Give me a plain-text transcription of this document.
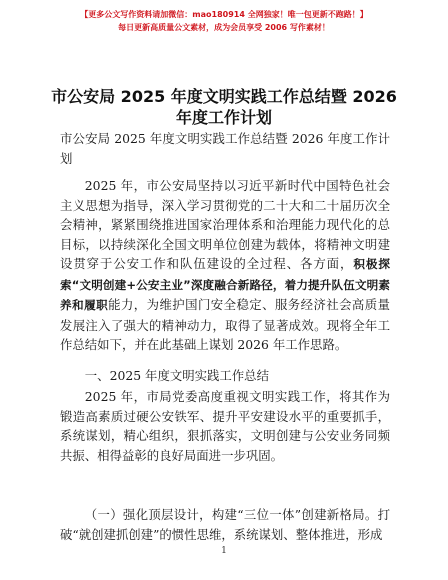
【更多公文写作资料请加微信：mao180914 全网独家！唯一包更新不跑路！】
每日更新高质量公文素材，成为会员享受 2006 写作素材！
市公安局 2025 年度文明实践工作总结暨 2026
年度工作计划

市公安局 2025 年度文明实践工作总结暨 2026 年度工作计划

2025 年，市公安局坚持以习近平新时代中国特色社会主义思想为指导，深入学习贯彻党的二十大和二十届历次全会精神，紧紧围绕推进国家治理体系和治理能力现代化的总目标，以持续深化全国文明单位创建为载体，将精神文明建设贯穿于公安工作和队伍建设的全过程、各方面，积极探索“文明创建+公安主业”深度融合新路径，着力提升队伍文明素养和履职能力，为维护国门安全稳定、服务经济社会高质量发展注入了强大的精神动力，取得了显著成效。现将全年工作总结如下，并在此基础上谋划 2026 年工作思路。

一、2025 年度文明实践工作总结

2025 年，市局党委高度重视文明实践工作，将其作为锻造高素质过硬公安铁军、提升平安建设水平的重要抓手，系统谋划，精心组织，狠抓落实，文明创建与公安业务同频共振、相得益彰的良好局面进一步巩固。

（一）强化顶层设计，构建“三位一体”创建新格局。打破“就创建抓创建”的惯性思维，系统谋划、整体推进，形成

1
